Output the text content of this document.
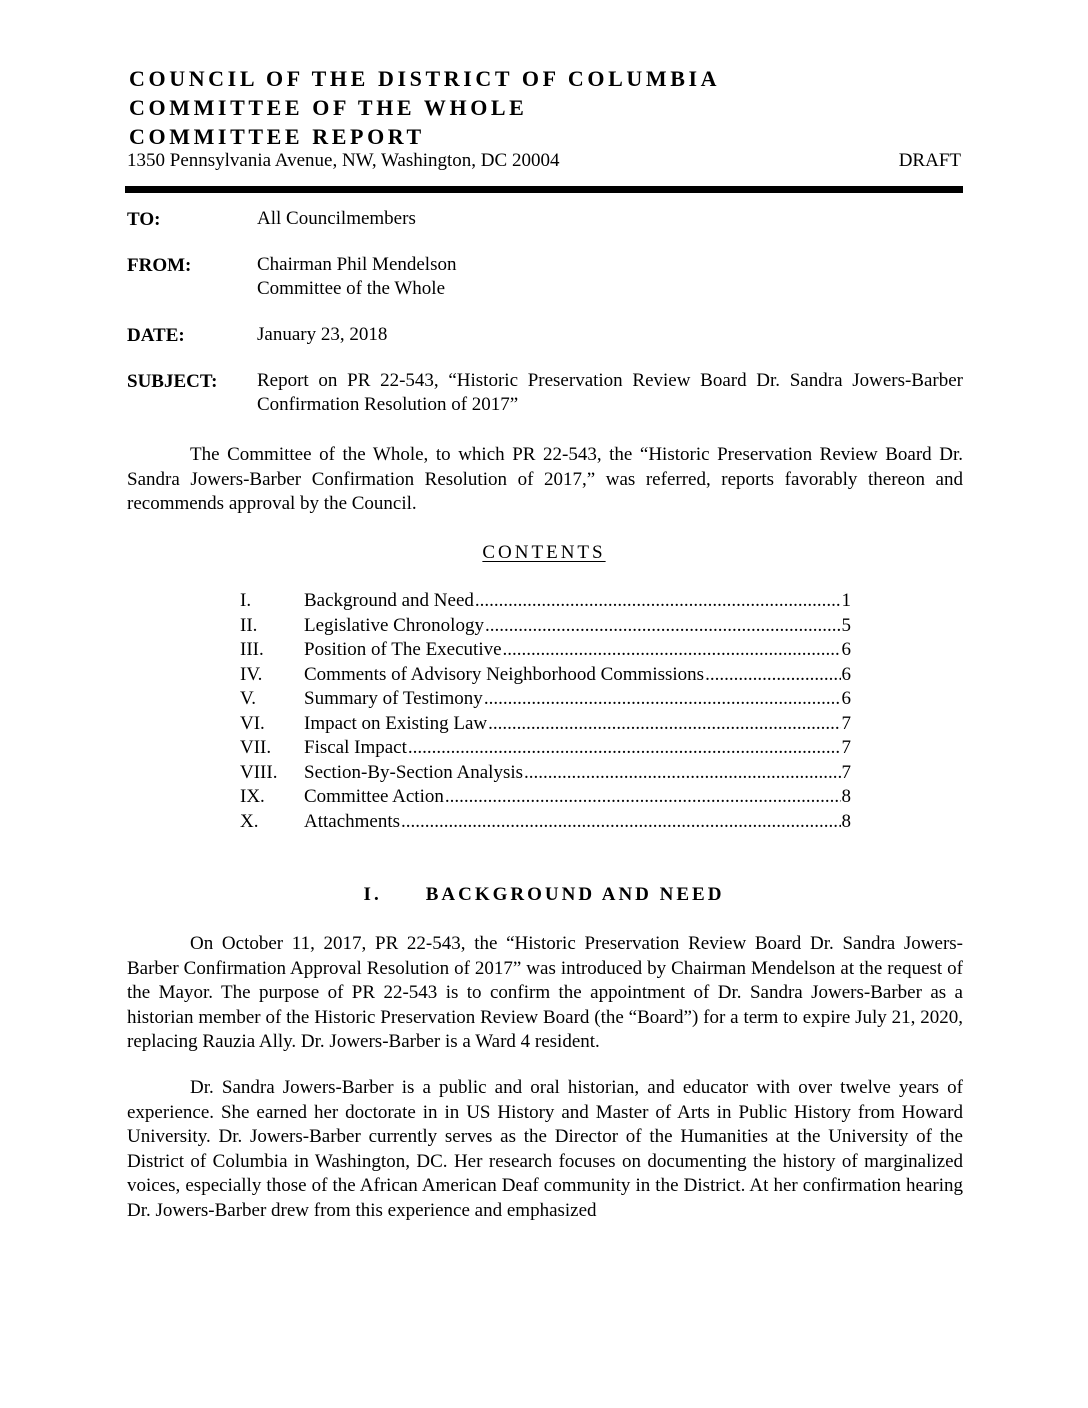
COUNCIL OF THE DISTRICT OF COLUMBIA
COMMITTEE OF THE WHOLE
COMMITTEE REPORT
1350 Pennsylvania Avenue, NW, Washington, DC 20004	DRAFT
TO:	All Councilmembers
FROM:	Chairman Phil Mendelson
Committee of the Whole
DATE:	January 23, 2018
SUBJECT: Report on PR 22-543, “Historic Preservation Review Board Dr. Sandra Jowers-Barber Confirmation Resolution of 2017”
The Committee of the Whole, to which PR 22-543, the “Historic Preservation Review Board Dr. Sandra Jowers-Barber Confirmation Resolution of 2017,” was referred, reports favorably thereon and recommends approval by the Council.
CONTENTS
I.	Background and Need .....	1
II.	Legislative Chronology .....	5
III.	Position of The Executive .....	6
IV.	Comments of Advisory Neighborhood Commissions .....	6
V.	Summary of Testimony .....	6
VI.	Impact on Existing Law .....	7
VII.	Fiscal Impact .....	7
VIII.	Section-By-Section Analysis .....	7
IX.	Committee Action .....	8
X.	Attachments .....	8
I. BACKGROUND AND NEED
On October 11, 2017, PR 22-543, the “Historic Preservation Review Board Dr. Sandra Jowers-Barber Confirmation Approval Resolution of 2017” was introduced by Chairman Mendelson at the request of the Mayor. The purpose of PR 22-543 is to confirm the appointment of Dr. Sandra Jowers-Barber as a historian member of the Historic Preservation Review Board (the “Board”) for a term to expire July 21, 2020, replacing Rauzia Ally. Dr. Jowers-Barber is a Ward 4 resident.
Dr. Sandra Jowers-Barber is a public and oral historian, and educator with over twelve years of experience. She earned her doctorate in in US History and Master of Arts in Public History from Howard University. Dr. Jowers-Barber currently serves as the Director of the Humanities at the University of the District of Columbia in Washington, DC. Her research focuses on documenting the history of marginalized voices, especially those of the African American Deaf community in the District. At her confirmation hearing Dr. Jowers-Barber drew from this experience and emphasized
